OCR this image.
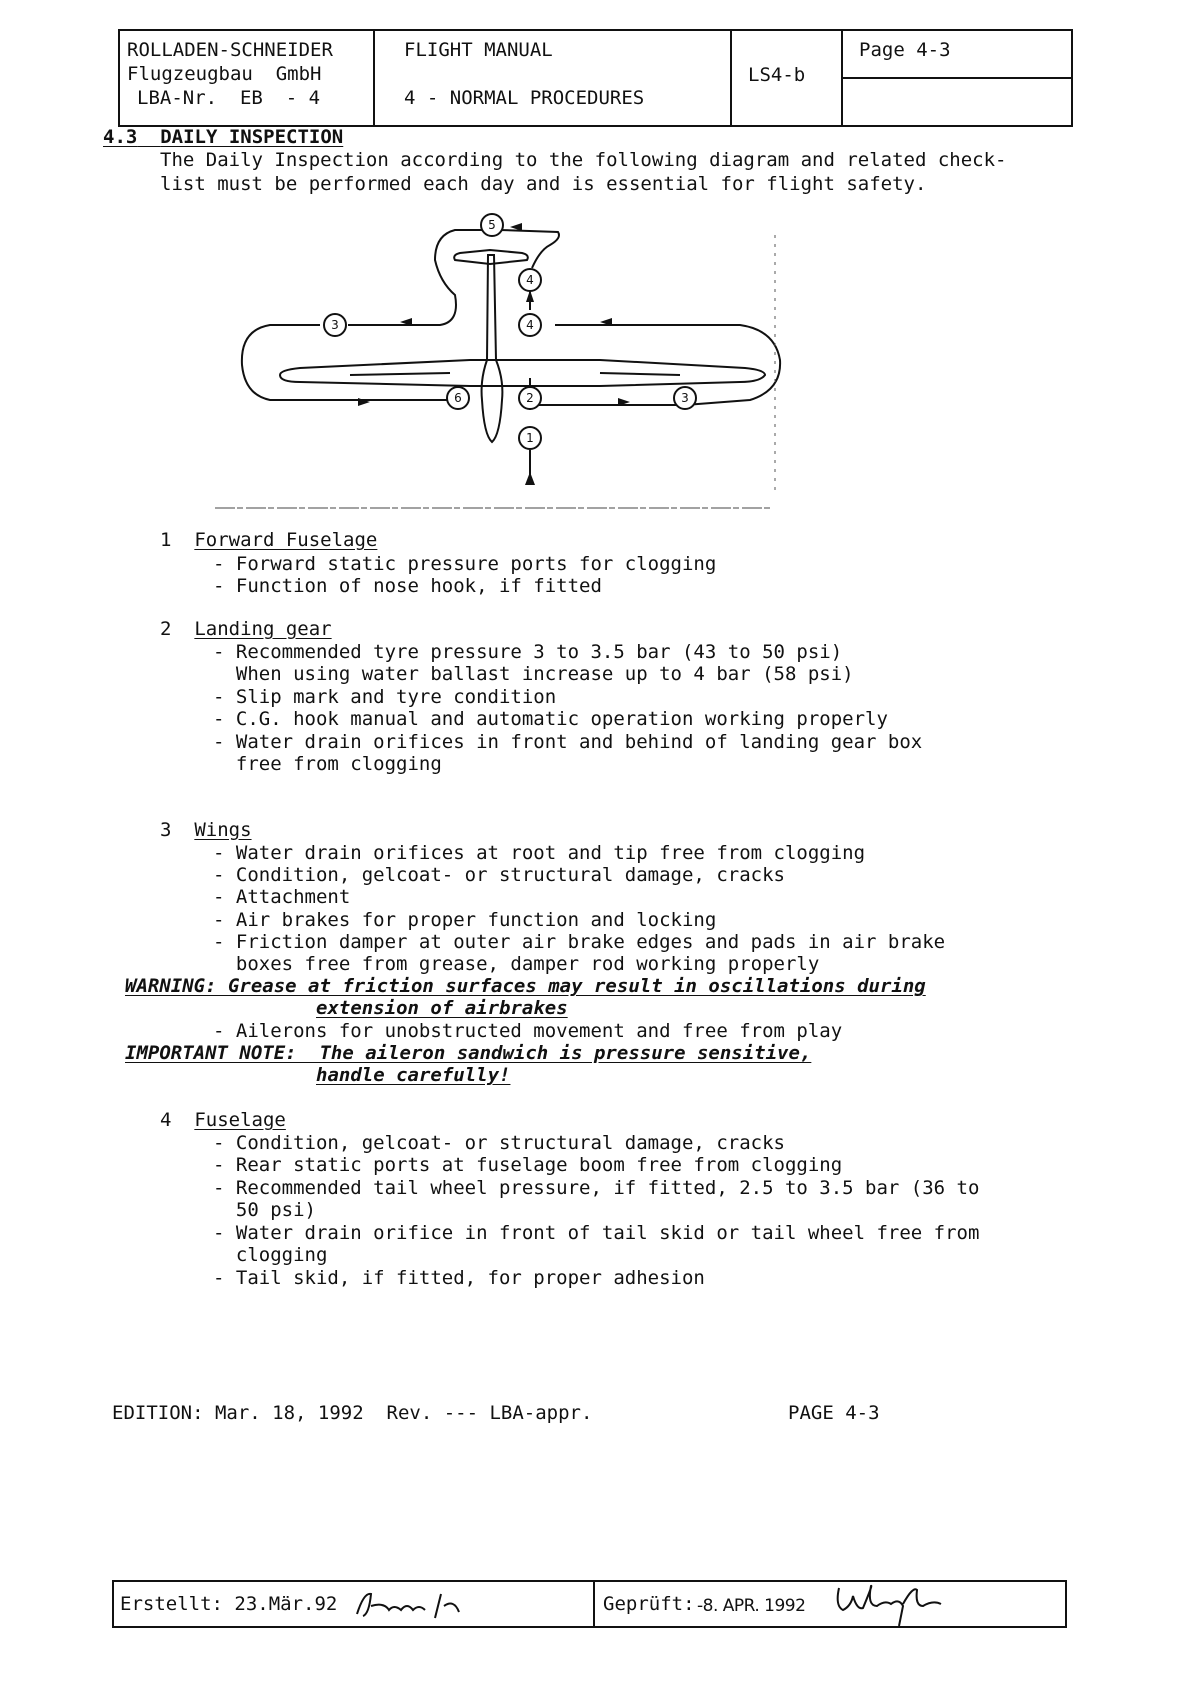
ROLLADEN-SCHNEIDER
Flugzeugbau  GmbH
LBA-Nr.  EB  - 4
FLIGHT MANUAL
4 - NORMAL PROCEDURES
LS4-b
Page 4-3
4.3 DAILY INSPECTION
The Daily Inspection according to the following diagram and related check-
list must be performed each day and is essential for flight safety.
1
2	3
4
4
5
6
3
1 Forward Fuselage
- Forward static pressure ports for clogging
- Function of nose hook, if fitted
2 Landing gear
- Recommended tyre pressure 3 to 3.5 bar (43 to 50 psi)
When using water ballast increase up to 4 bar (58 psi)
- Slip mark and tyre condition
- C.G. hook manual and automatic operation working properly
- Water drain orifices in front and behind of landing gear box
free from clogging
3 Wings
- Water drain orifices at root and tip free from clogging
- Condition, gelcoat- or structural damage, cracks
- Attachment
- Air brakes for proper function and locking
- Friction damper at outer air brake edges and pads in air brake
boxes free from grease, damper rod working properly
WARNING: Grease at friction surfaces may result in oscillations during
extension of airbrakes
- Ailerons for unobstructed movement and free from play
IMPORTANT NOTE:  The aileron sandwich is pressure sensitive,
handle carefully!
4 Fuselage
- Condition, gelcoat- or structural damage, cracks
- Rear static ports at fuselage boom free from clogging
- Recommended tail wheel pressure, if fitted, 2.5 to 3.5 bar (36 to
50 psi)
- Water drain orifice in front of tail skid or tail wheel free from
clogging
- Tail skid, if fitted, for proper adhesion
EDITION: Mar. 18, 1992  Rev. --- LBA-appr.	PAGE 4-3
Erstellt: 23.Mär.92	Geprüft: -8. APR. 1992
